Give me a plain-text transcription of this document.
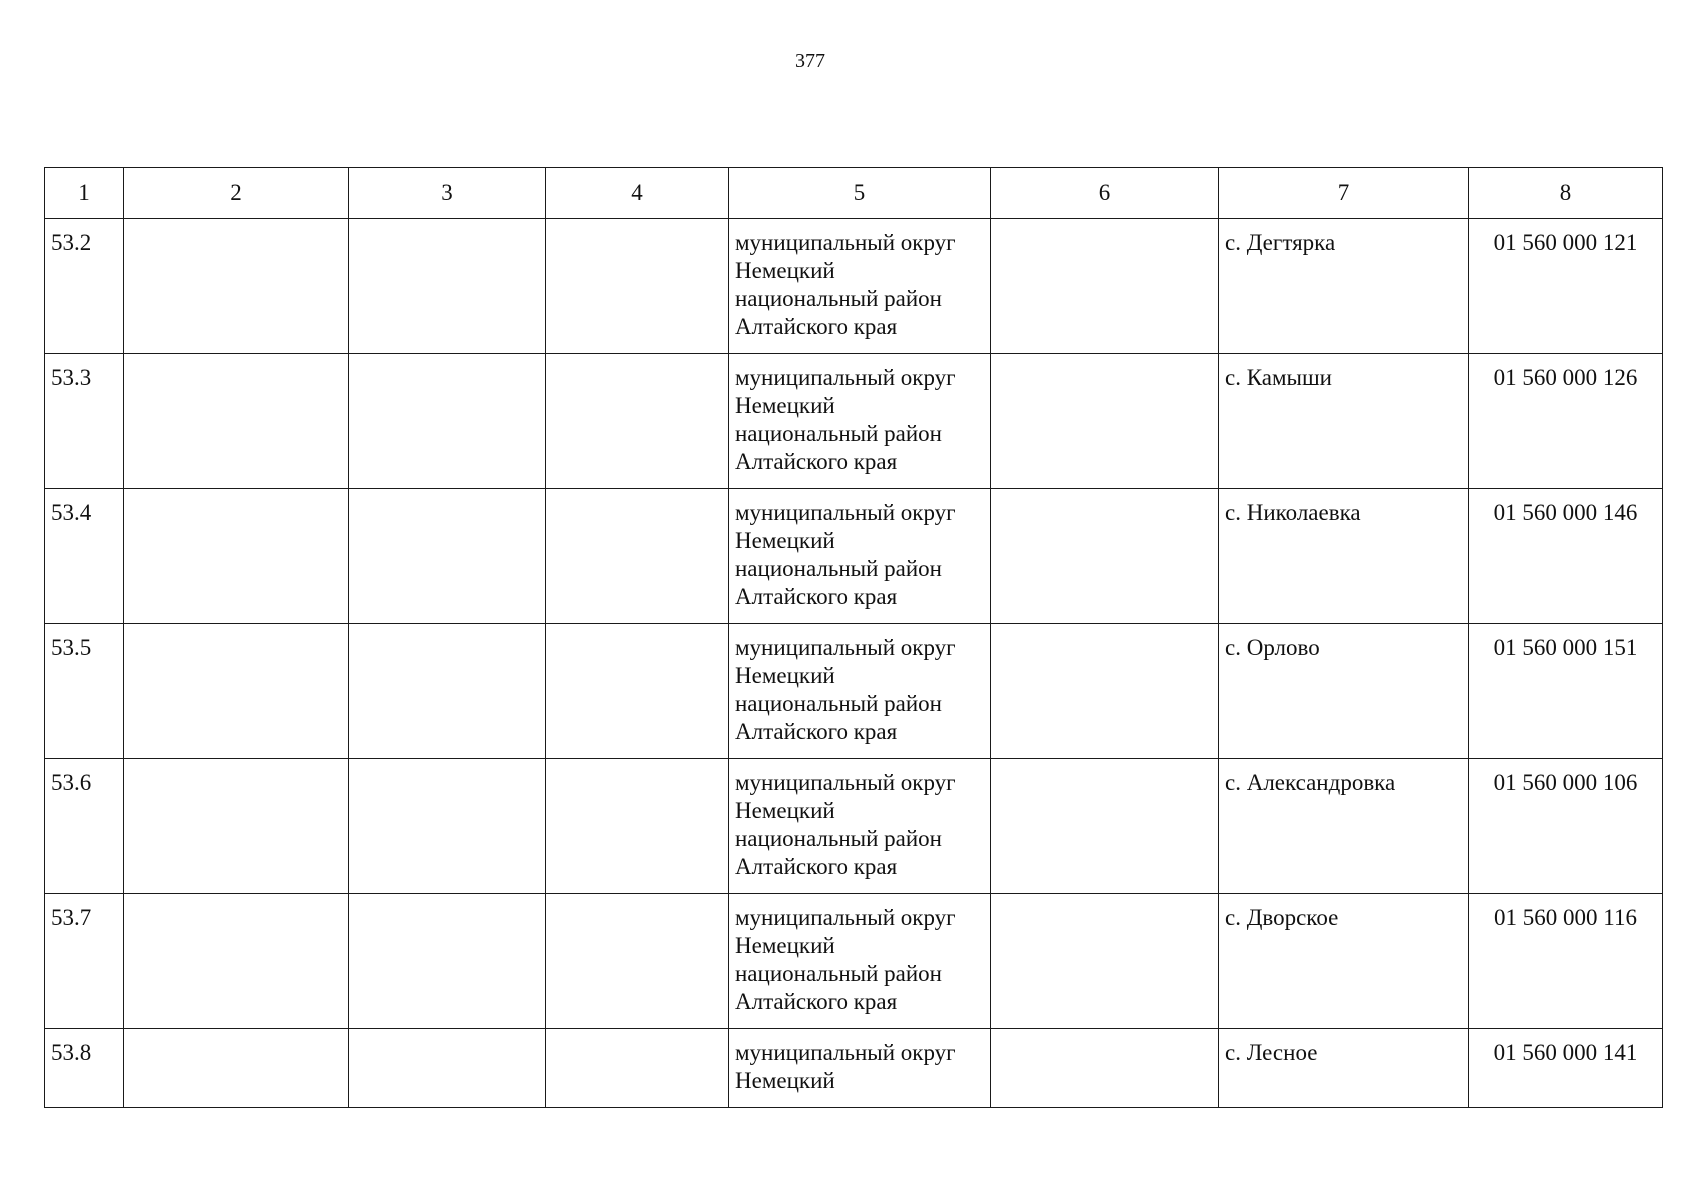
377
1	2	3	4	5	6	7	8

53.2				муниципальный округ
Немецкий
национальный район
Алтайского края		с. Дегтярка	01 560 000 121

53.3				муниципальный округ
Немецкий
национальный район
Алтайского края		с. Камыши	01 560 000 126

53.4				муниципальный округ
Немецкий
национальный район
Алтайского края		с. Николаевка	01 560 000 146

53.5				муниципальный округ
Немецкий
национальный район
Алтайского края		с. Орлово	01 560 000 151

53.6				муниципальный округ
Немецкий
национальный район
Алтайского края		с. Александровка	01 560 000 106

53.7				муниципальный округ
Немецкий
национальный район
Алтайского края		с. Дворское	01 560 000 116

53.8				муниципальный округ
Немецкий		с. Лесное	01 560 000 141
